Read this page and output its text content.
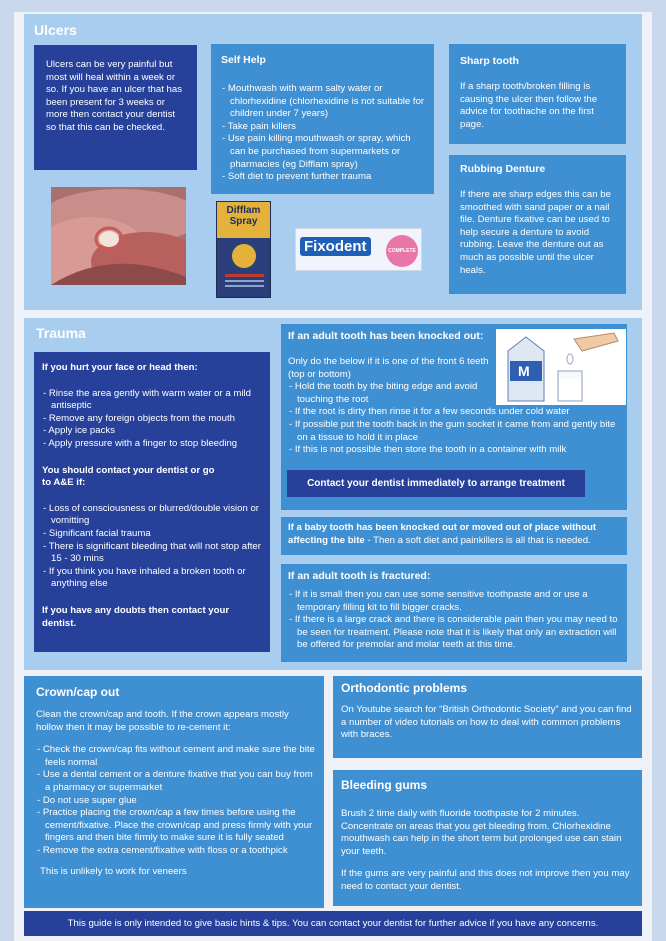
Ulcers
Ulcers can be very painful but most will heal within a week or so. If you have an ulcer that has been present for 3 weeks or more then contact your dentist so that this can be checked.
Self Help
- Mouthwash with warm salty water or chlorhexidine (chlorhexidine is not suitable for children under 7 years)
- Take pain killers
- Use pain killing mouthwash or spray, which can be purchased from supermarkets or pharmacies (eg Difflam spray)
- Soft diet to prevent further trauma
Sharp tooth
If a sharp tooth/broken filling is causing the ulcer then follow the advice for toothache on the first page.
Rubbing Denture
If there are sharp edges this can be smoothed with sand paper or a nail file. Denture fixative can be used to help secure a denture to avoid rubbing. Leave the denture out as much as possible until the ulcer heals.
Difflam
Spray
Fixodent	COMPLETE
Trauma
If you hurt your face or head then:
- Rinse the area gently with warm water or a mild antiseptic
- Remove any foreign objects from the mouth
- Apply ice packs
- Apply pressure with a finger to stop bleeding
You should contact your dentist or go to A&E if:
- Loss of consciousness or blurred/double vision or vomitting
- Significant facial trauma
- There is significant bleeding that will not stop after 15 - 30 mins
- If you think you have inhaled a broken tooth or anything else
If you have any doubts then contact your dentist.
If an adult tooth has been knocked out:
Only do the below if it is one of the front 6 teeth (top or bottom)
- Hold the tooth by the biting edge and avoid touching the root
- If the root is dirty then rinse it for a few seconds under cold water
- If possible put the tooth back in the gum socket it came from and gently bite on a tissue to hold it in place
- If this is not possible then store the tooth in a container with milk
Contact your dentist immediately to arrange treatment
M
If a baby tooth has been knocked out or moved out of place without affecting the bite - Then a soft diet and painkillers is all that is needed.
If an adult tooth is fractured:
- If it is small then you can use some sensitive toothpaste and or use a temporary filling kit to fill bigger cracks.
- If there is a large crack and there is considerable pain then you may need to be seen for treatment. Please note that it is likely that only an extraction will be offered for premolar and molar teeth at this time.
Crown/cap out
Clean the crown/cap and tooth. If the crown appears mostly hollow then it may be possible to re-cement it:
- Check the crown/cap fits without cement and make sure the bite feels normal
- Use a dental cement or a denture fixative that you can buy from a pharmacy or supermarket
- Do not use super glue
- Practice placing the crown/cap a few times before using the cement/fixative. Place the crown/cap and press firmly with your fingers and then bite firmly to make sure it is fully seated
- Remove the extra cement/fixative with floss or a toothpick
This is unlikely to work for veneers
Orthodontic problems
On Youtube search for “British Orthodontic Society” and you can find a number of video tutorials on how to deal with common problems with braces.
Bleeding gums
Brush 2 time daily with fluoride toothpaste for 2 minutes. Concentrate on areas that you get bleeding from. Chlorhexidine mouthwash can help in the short term but prolonged use can stain your teeth.
If the gums are very painful and this does not improve then you may need to contact your dentist.
This guide is only intended to give basic hints & tips. You can contact your dentist for further advice if you have any concerns.
